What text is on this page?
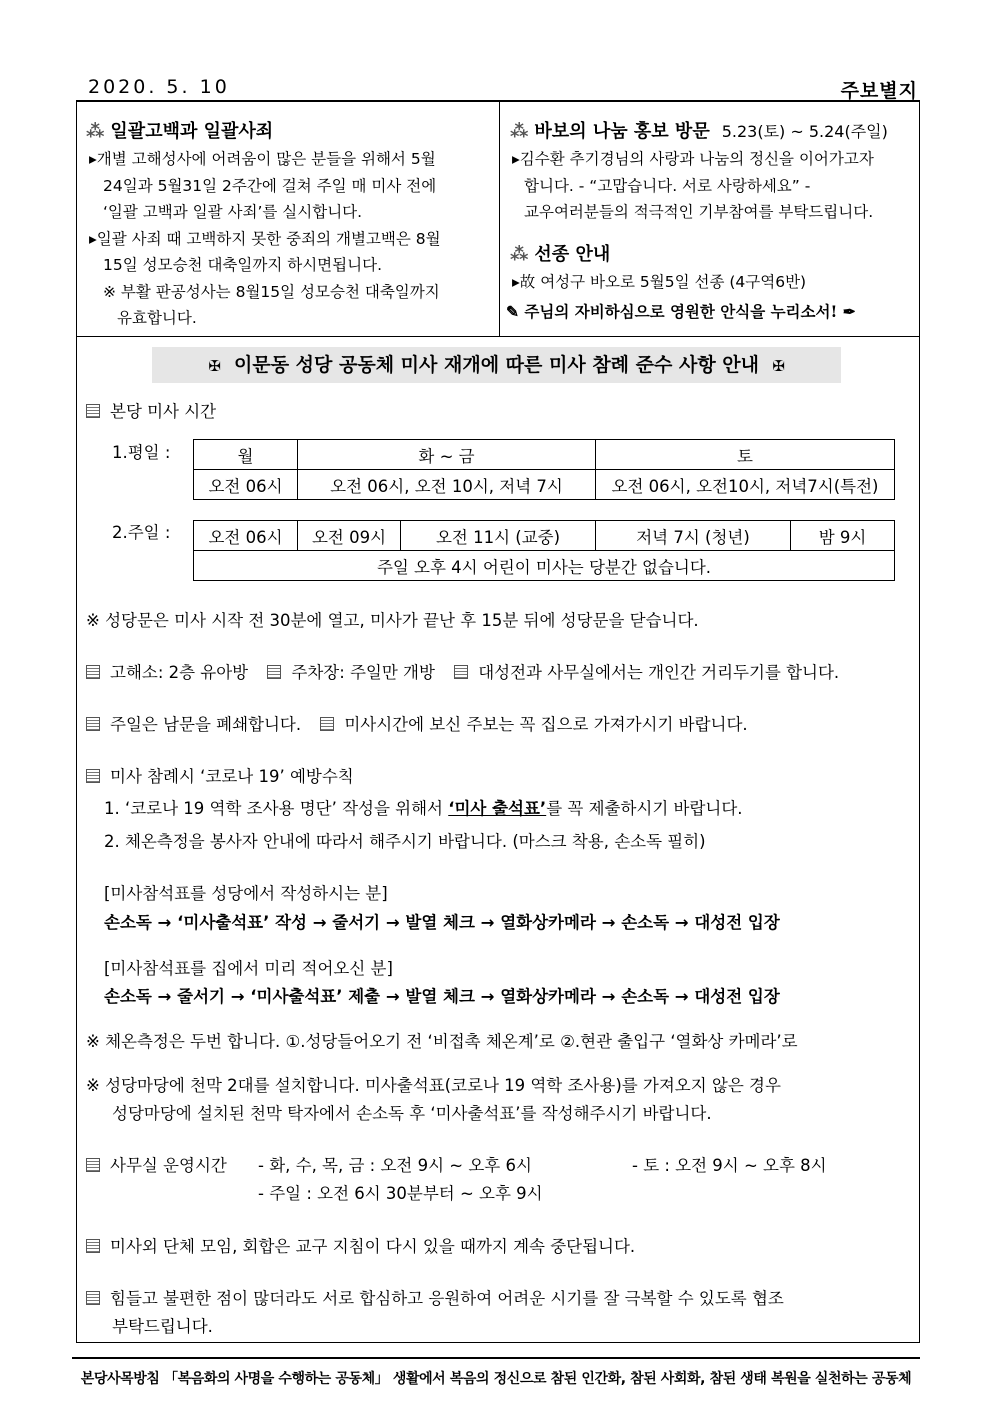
2020. 5. 10	주보별지
⁂ 일괄고백과 일괄사죄
▸개별 고해성사에 어려움이 많은 분들을 위해서 5월
24일과 5월31일 2주간에 걸쳐 주일 매 미사 전에
‘일괄 고백과 일괄 사죄’를 실시합니다.
▸일괄 사죄 때 고백하지 못한 중죄의 개별고백은 8월
15일 성모승천 대축일까지 하시면됩니다.
※ 부활 판공성사는 8월15일 성모승천 대축일까지
유효합니다.
⁂ 바보의 나눔 홍보 방문 5.23(토) ~ 5.24(주일)
▸김수환 추기경님의 사랑과 나눔의 정신을 이어가고자
합니다. - “고맙습니다. 서로 사랑하세요” -
교우여러분들의 적극적인 기부참여를 부탁드립니다.
⁂ 선종 안내
▸故 여성구 바오로 5월5일 선종 (4구역6반)
✎ 주님의 자비하심으로 영원한 안식을 누리소서! ✒
✠ 이문동 성당 공동체 미사 재개에 따른 미사 참례 준수 사항 안내 ✠
본당 미사 시간
1.평일 :	월	화 ~ 금	토
오전 06시	오전 06시, 오전 10시, 저녁 7시	오전 06시, 오전10시, 저녁7시(특전)
2.주일 : 오전 06시	오전 09시	오전 11시 (교중)	저녁 7시 (청년)	밤 9시
주일 오후 4시 어린이 미사는 당분간 없습니다.
※ 성당문은 미사 시작 전 30분에 열고, 미사가 끝난 후 15분 뒤에 성당문을 닫습니다.
고해소: 2층 유아방	주차장: 주일만 개방	대성전과 사무실에서는 개인간 거리두기를 합니다.
주일은 남문을 폐쇄합니다.	미사시간에 보신 주보는 꼭 집으로 가져가시기 바랍니다.
미사 참례시 ‘코로나 19’ 예방수칙
1. ‘코로나 19 역학 조사용 명단’ 작성을 위해서 ‘미사 출석표’를 꼭 제출하시기 바랍니다.
2. 체온측정을 봉사자 안내에 따라서 해주시기 바랍니다. (마스크 착용, 손소독 필히)
[미사참석표를 성당에서 작성하시는 분]
손소독 → ‘미사출석표’ 작성 → 줄서기 → 발열 체크 → 열화상카메라 → 손소독 → 대성전 입장
[미사참석표를 집에서 미리 적어오신 분]
손소독 → 줄서기 → ‘미사출석표’ 제출 → 발열 체크 → 열화상카메라 → 손소독 → 대성전 입장
※ 체온측정은 두번 합니다. ①.성당들어오기 전 ‘비접촉 체온계’로 ②.현관 출입구 ‘열화상 카메라’로
※ 성당마당에 천막 2대를 설치합니다. 미사출석표(코로나 19 역학 조사용)를 가져오지 않은 경우
성당마당에 설치된 천막 탁자에서 손소독 후 ‘미사출석표’를 작성해주시기 바랍니다.
사무실 운영시간 - 화, 수, 목, 금 : 오전 9시 ~ 오후 6시	- 토 : 오전 9시 ~ 오후 8시
- 주일 : 오전 6시 30분부터 ~ 오후 9시
미사외 단체 모임, 회합은 교구 지침이 다시 있을 때까지 계속 중단됩니다.
힘들고 불편한 점이 많더라도 서로 합심하고 응원하여 어려운 시기를 잘 극복할 수 있도록 협조
부탁드립니다.
본당사목방침 「복음화의 사명을 수행하는 공동체」 생활에서 복음의 정신으로 참된 인간화, 참된 사회화, 참된 생태 복원을 실천하는 공동체
